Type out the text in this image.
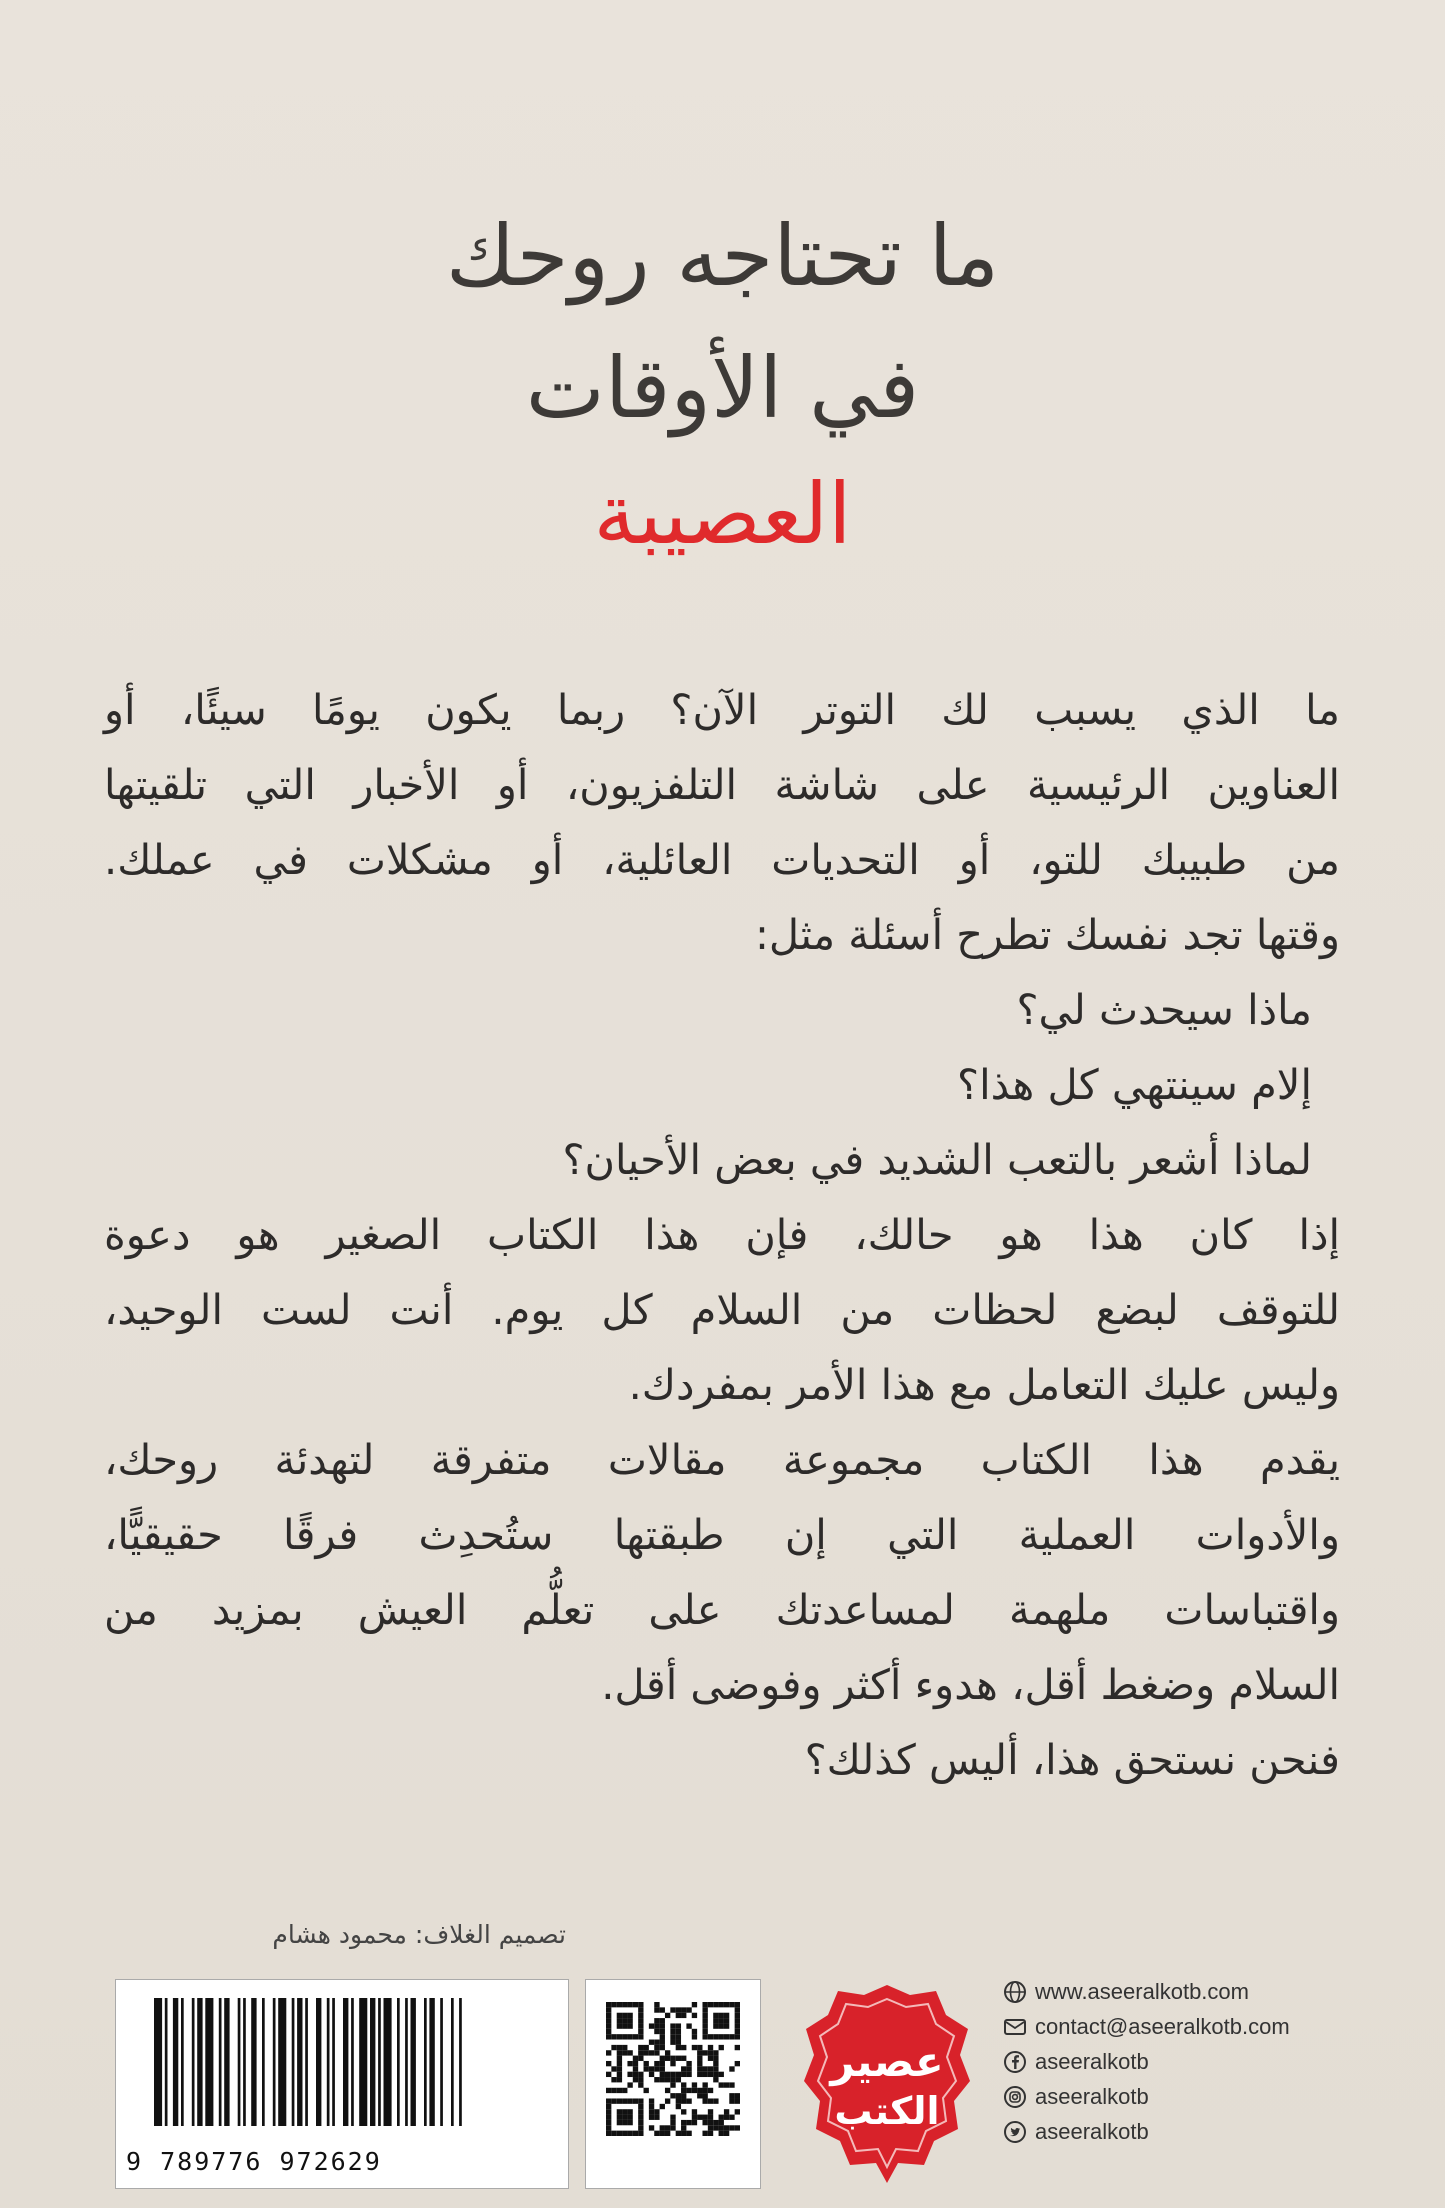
ما تحتاجه روحك
في الأوقات
العصيبة

ما الذي يسبب لك التوتر الآن؟ ربما يكون يومًا سيئًا، أو

العناوين الرئيسية على شاشة التلفزيون، أو الأخبار التي تلقيتها

من طبيبك للتو، أو التحديات العائلية، أو مشكلات في عملك.

وقتها تجد نفسك تطرح أسئلة مثل:

ماذا سيحدث لي؟

إلام سينتهي كل هذا؟

لماذا أشعر بالتعب الشديد في بعض الأحيان؟

إذا كان هذا هو حالك، فإن هذا الكتاب الصغير هو دعوة

للتوقف لبضع لحظات من السلام كل يوم. أنت لست الوحيد،

وليس عليك التعامل مع هذا الأمر بمفردك.

يقدم هذا الكتاب مجموعة مقالات متفرقة لتهدئة روحك،

والأدوات العملية التي إن طبقتها ستُحدِث فرقًا حقيقيًّا،

واقتباسات ملهمة لمساعدتك على تعلُّم العيش بمزيد من

السلام وضغط أقل، هدوء أكثر وفوضى أقل.

فنحن نستحق هذا، أليس كذلك؟

تصميم الغلاف: محمود هشام
9 789776 972629
عصير
الكتب
www.aseeralkotb.com
contact@aseeralkotb.com
aseeralkotb
aseeralkotb
aseeralkotb
